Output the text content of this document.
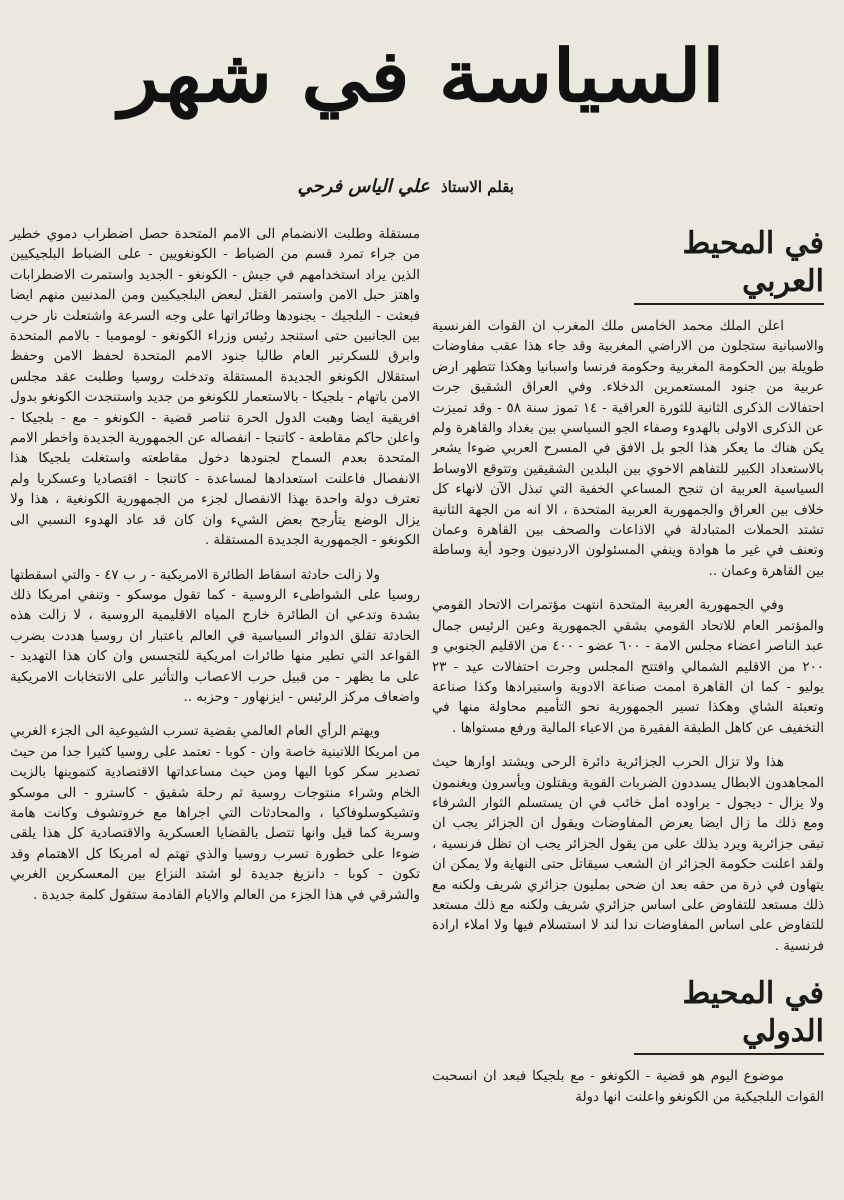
السياسة في شهر
بقلم الاستاذ علي الياس فرحي
في المحيط العربي

اعلن الملك محمد الخامس ملك المغرب ان القوات الفرنسية والاسبانية ستجلون من الاراضي المغربية وقد جاء هذا عقب مفاوضات طويلة بين الحكومة المغربية وحكومة فرنسا واسبانيا وهكذا تتطهر ارض عربية من جنود المستعمرين الدخلاء. وفي العراق الشقيق جرت احتفالات الذكرى الثانية للثورة العراقية - ١٤ تموز سنة ٥٨ - وقد تميزت عن الذكرى الاولى بالهدوء وصفاء الجو السياسي بين بغداد والقاهرة ولم يكن هناك ما يعكر هذا الجو بل الافق في المسرح العربي ضوءا يشعر بالاستعداد الكبير للتفاهم الاخوي بين البلدين الشقيقين وتتوقع الاوساط السياسية العربية ان تنجح المساعي الخفية التي تبذل الآن لانهاء كل خلاف بين العراق والجمهورية العربية المتحدة ، الا انه من الجهة الثانية تشتد الحملات المتبادلة في الاذاعات والصحف بين القاهرة وعمان وتعنف في غير ما هوادة وينفي المسئولون الاردنيون وجود أية وساطة بين القاهرة وعمان ..

وفي الجمهورية العربية المتحدة انتهت مؤتمرات الاتحاد القومي والمؤتمر العام للاتحاد القومي بشقي الجمهورية وعين الرئيس جمال عبد الناصر اعضاء مجلس الامة - ٦٠٠ عضو - ٤٠٠ من الاقليم الجنوبي و ٢٠٠ من الاقليم الشمالي وافتتح المجلس وجرت احتفالات عيد - ٢٣ يوليو - كما ان القاهرة اممت صناعة الادوية واستيرادها وكذا صناعة وتعبئة الشاي وهكذا تسير الجمهورية نحو التأميم محاولة منها في التخفيف عن كاهل الطبقة الفقيرة من الاعباء المالية ورفع مستواها .

هذا ولا تزال الحرب الجزائرية دائرة الرحى ويشتد اوارها حيث المجاهدون الابطال يسددون الضربات القوية ويقتلون ويأسرون ويغنمون ولا يزال - ديجول - يراوده امل خائب في ان يستسلم الثوار الشرفاء ومع ذلك ما زال ايضا يعرض المفاوضات ويقول ان الجزائر يجب ان تبقى جزائرية ويرد بذلك على من يقول الجزائر يجب ان تظل فرنسية ، ولقد اعلنت حكومة الجزائر ان الشعب سيقاتل حتى النهاية ولا يمكن ان يتهاون في ذرة من حقه بعد ان ضحى بمليون جزائري شريف ولكنه مع ذلك مستعد للتفاوض على اساس جزائري شريف ولكنه مع ذلك مستعد للتفاوض على اساس المفاوضات ندا لند لا استسلام فيها ولا املاء ارادة فرنسية .

في المحيط الدولي

موضوع اليوم هو قضية - الكونغو - مع بلجيكا فبعد ان انسحبت القوات البلجيكية من الكونغو واعلنت انها دولة

مستقلة وطلبت الانضمام الى الامم المتحدة حصل اضطراب دموي خطير من جراء تمرد قسم من الضباط - الكونغويين - على الضباط البلجيكيين الذين يراد استخدامهم في جيش - الكونغو - الجديد واستمرت الاضطرابات واهتز حبل الامن واستمر القتل لبعض البلجيكيين ومن المدنيين منهم ايضا فبعثت - البلجيك - بجنودها وطائراتها على وجه السرعة واشتعلت نار حرب بين الجانبين حتى استنجد رئيس وزراء الكونغو - لومومبا - بالامم المتحدة وابرق للسكرتير العام طالبا جنود الامم المتحدة لحفظ الامن وحفظ استقلال الكونغو الجديدة المستقلة وتدخلت روسيا وطلبت عقد مجلس الامن باتهام - بلجيكا - بالاستعمار للكونغو من جديد واستنجدت الكونغو بدول افريقية ايضا وهبت الدول الحرة تناصر قضية - الكونغو - مع - بلجيكا - واعلن حاكم مقاطعة - كاتنجا - انفصاله عن الجمهورية الجديدة واخطر الامم المتحدة بعدم السماح لجنودها دخول مقاطعته واستغلت بلجيكا هذا الانفصال فاعلنت استعدادها لمساعدة - كاتنجا - اقتصاديا وعسكريا ولم تعترف دولة واحدة بهذا الانفصال لجزء من الجمهورية الكونغية ، هذا ولا يزال الوضع يتأرجح بعض الشيء وان كان قد عاد الهدوء النسبي الى الكونغو - الجمهورية الجديدة المستقلة .

ولا زالت حادثة اسقاط الطائرة الامريكية - ر ب ٤٧ - والتي اسقطتها روسيا على الشواطىء الروسية - كما تقول موسكو - وتنفي امريكا ذلك بشدة وتدعي ان الطائرة خارج المياه الاقليمية الروسية ، لا زالت هذه الحادثة تقلق الدوائر السياسية في العالم باعتبار ان روسيا هددت بضرب القواعد التي تطير منها طائرات امريكية للتجسس وان كان هذا التهديد - على ما يظهر - من قبيل حرب الاعصاب والتأثير على الانتخابات الامريكية واضعاف مركز الرئيس - ايزنهاور - وحزبه ..

ويهتم الرأي العام العالمي بقضية تسرب الشيوعية الى الجزء الغربي من امريكا اللاتينية خاصة وان - كوبا - تعتمد على روسيا كثيرا جدا من حيث تصدير سكر كوبا اليها ومن حيث مساعداتها الاقتصادية كتموينها بالزيت الخام وشراء منتوجات روسية ثم رحلة شقيق - كاسترو - الى موسكو وتشيكوسلوفاكيا ، والمحادثات التي اجراها مع خروتشوف وكانت هامة وسرية كما قيل وانها تتصل بالقضايا العسكرية والاقتصادية كل هذا يلقى ضوءا على خطورة تسرب روسيا والذي تهتم له امريكا كل الاهتمام وقد تكون - كوبا - دانزيغ جديدة لو اشتد النزاع بين المعسكرين الغربي والشرقي في هذا الجزء من العالم والايام القادمة ستقول كلمة جديدة .
